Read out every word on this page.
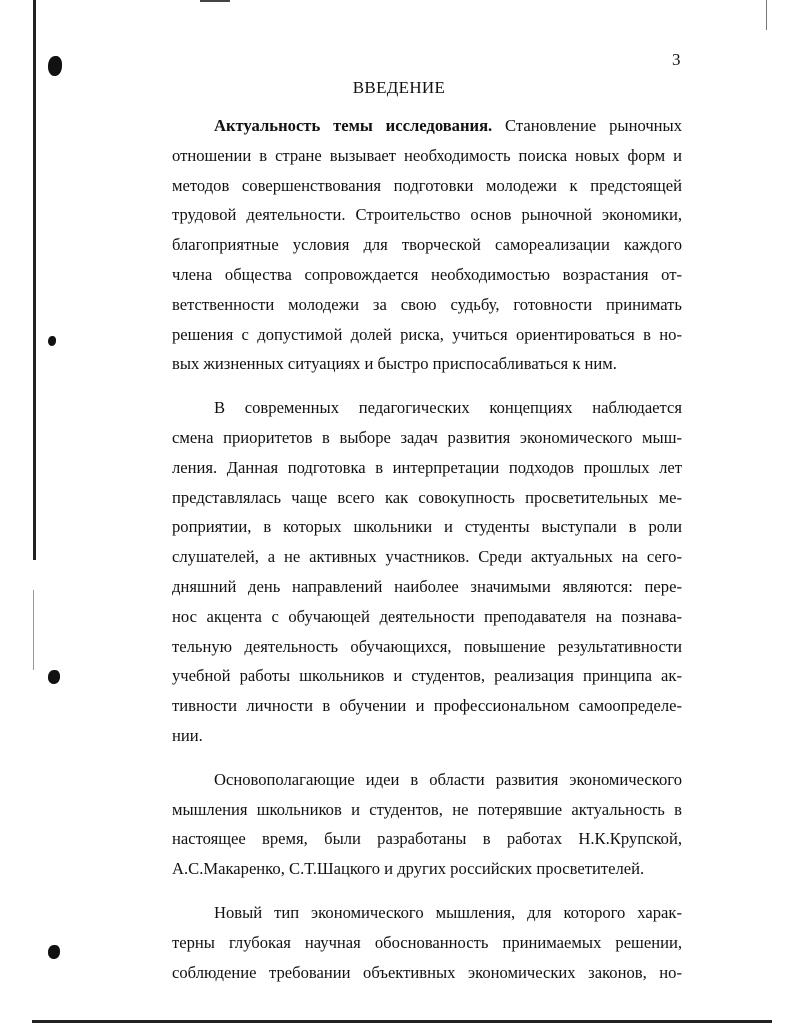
3
ВВЕДЕНИЕ
Актуальность темы исследования. Становление рыночных
отношении в стране вызывает необходимость поиска новых форм и
методов совершенствования подготовки молодежи к предстоящей
трудовой деятельности. Строительство основ рыночной экономики,
благоприятные условия для творческой самореализации каждого
члена общества сопровождается необходимостью возрастания от-
ветственности молодежи за свою судьбу, готовности принимать
решения с допустимой долей риска, учиться ориентироваться в но-
вых жизненных ситуациях и быстро приспосабливаться к ним.
В современных педагогических концепциях наблюдается
смена приоритетов в выборе задач развития экономического мыш-
ления. Данная подготовка в интерпретации подходов прошлых лет
представлялась чаще всего как совокупность просветительных ме-
роприятии, в которых школьники и студенты выступали в роли
слушателей, а не активных участников. Среди актуальных на сего-
дняшний день направлений наиболее значимыми являются: пере-
нос акцента с обучающей деятельности преподавателя на познава-
тельную деятельность обучающихся, повышение результативности
учебной работы школьников и студентов, реализация принципа ак-
тивности личности в обучении и профессиональном самоопределе-
нии.
Основополагающие идеи в области развития экономического
мышления школьников и студентов, не потерявшие актуальность в
настоящее время, были разработаны в работах Н.К.Крупской,
А.С.Макаренко, С.Т.Шацкого и других российских просветителей.
Новый тип экономического мышления, для которого харак-
терны глубокая научная обоснованность принимаемых решении,
соблюдение требовании объективных экономических законов, но-
